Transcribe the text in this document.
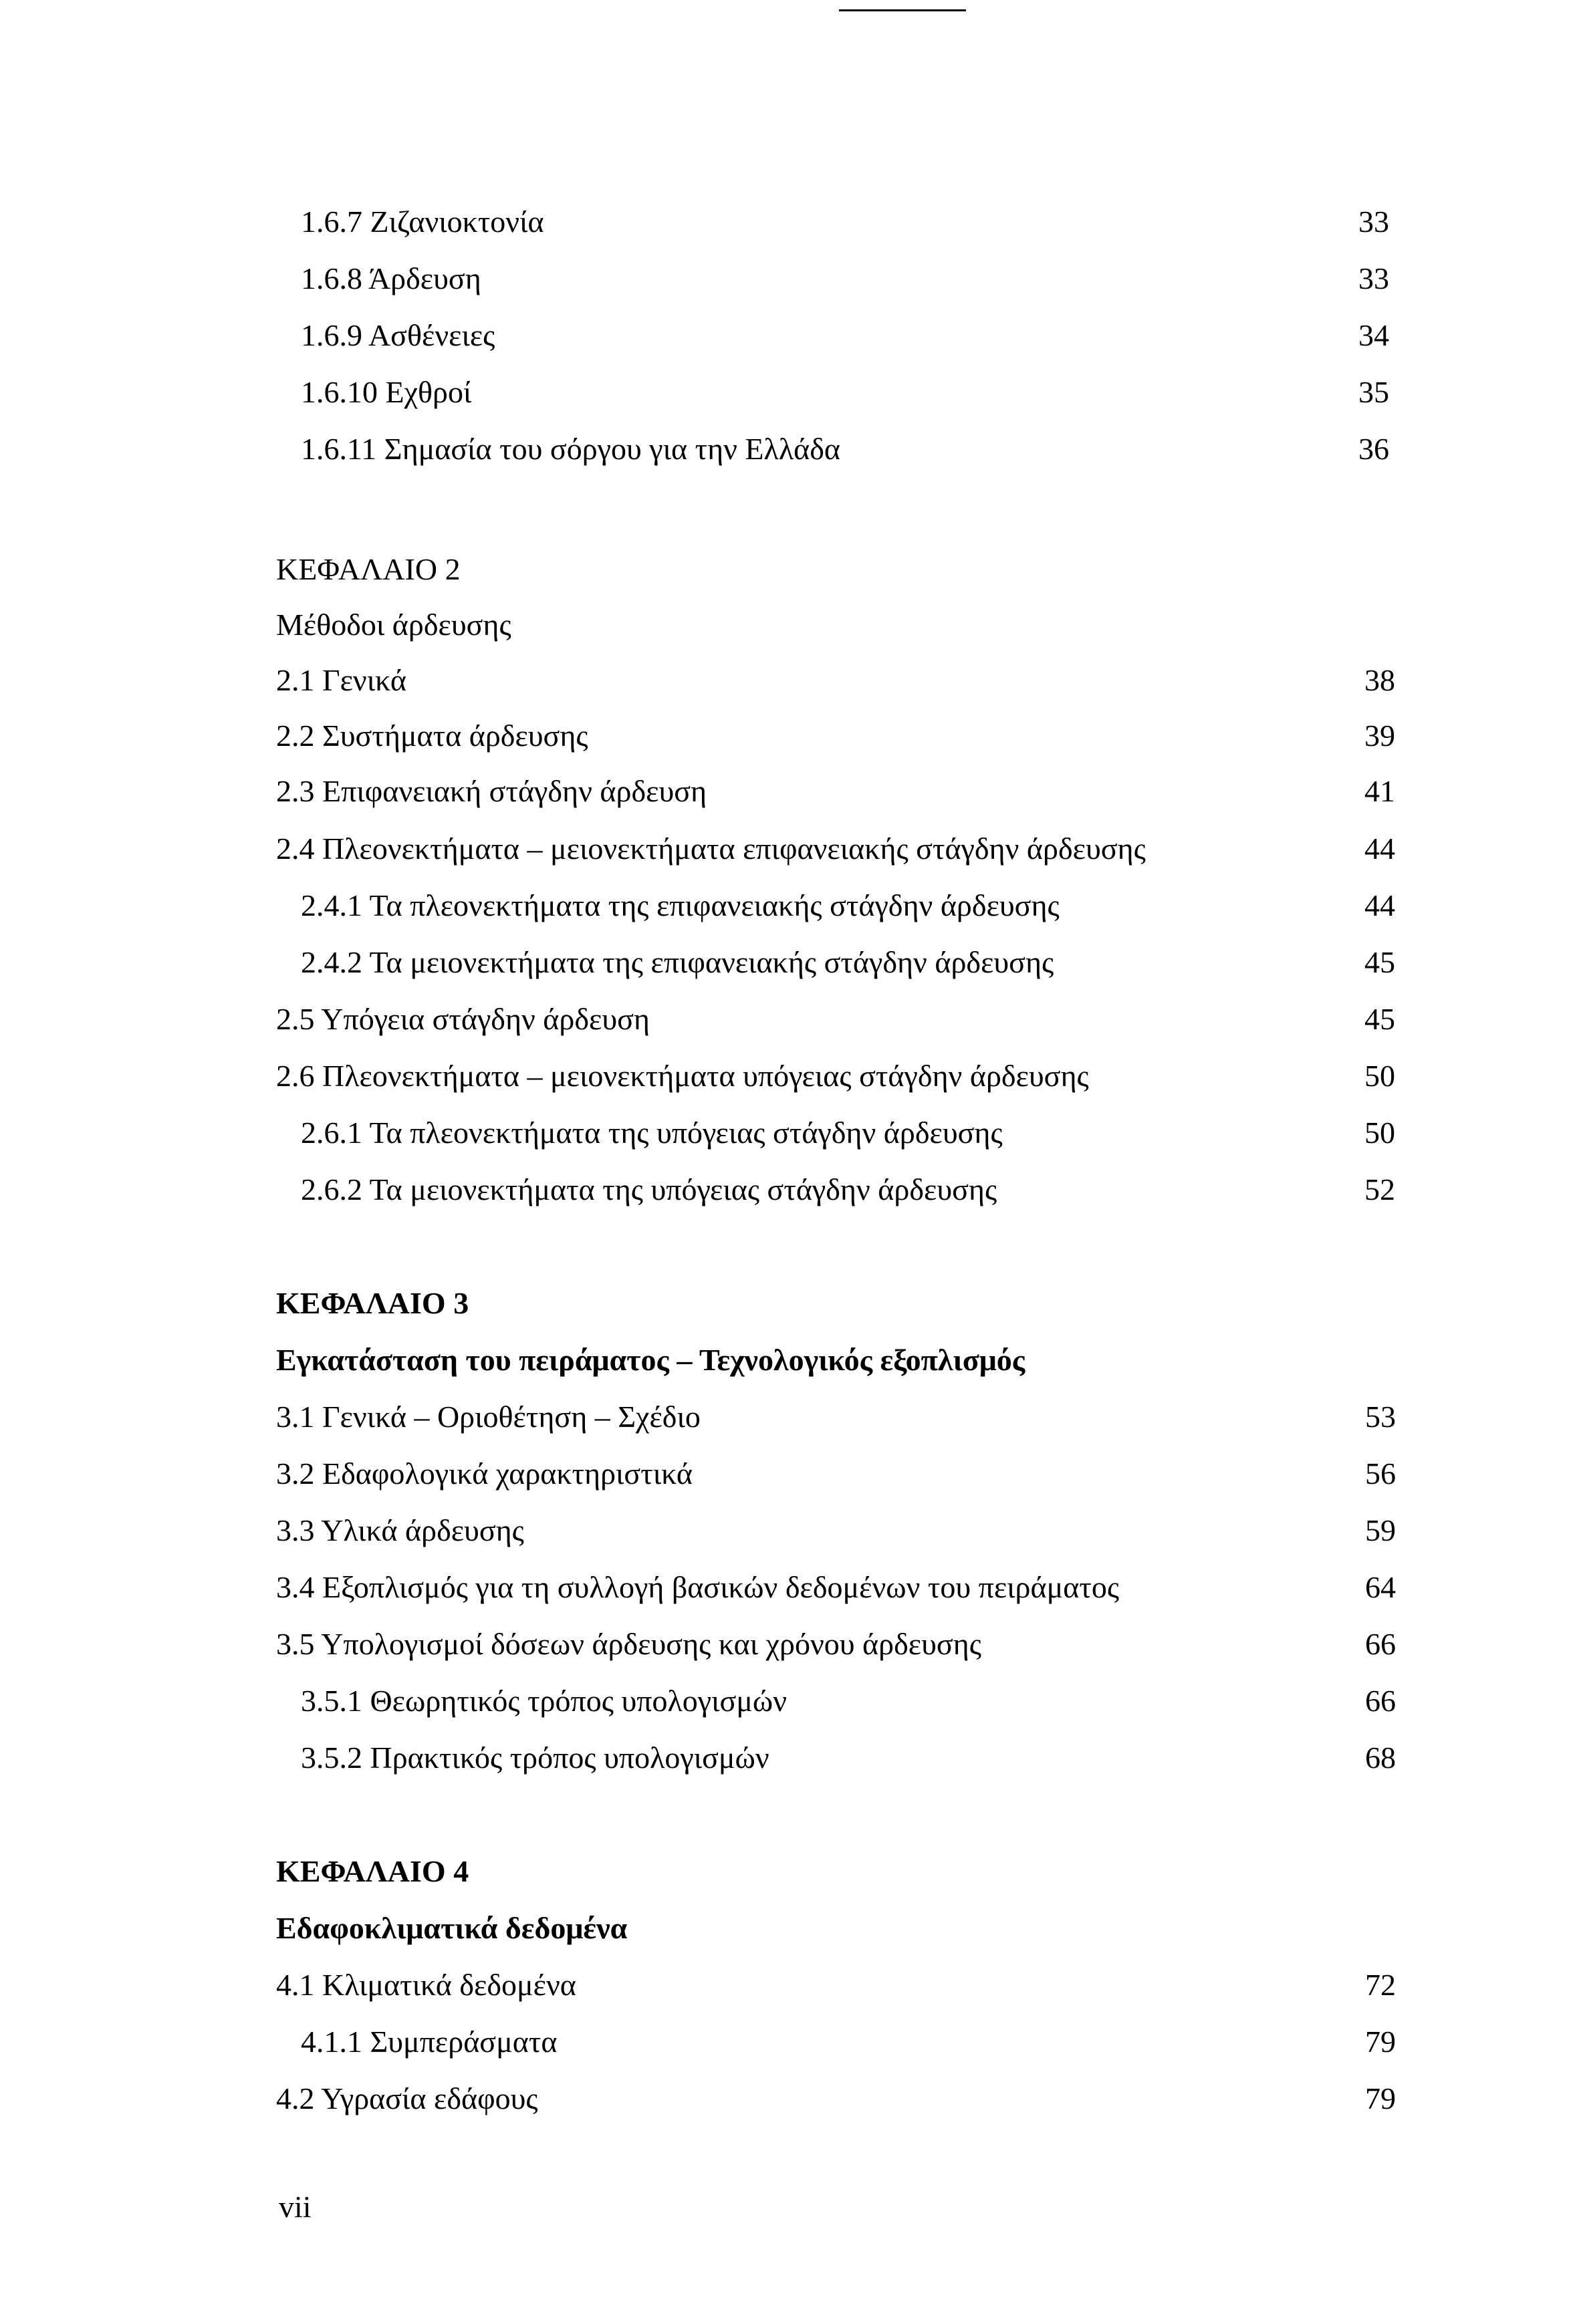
1.6.7 Ζιζανιοκτονία	33
1.6.8 Άρδευση	33
1.6.9 Ασθένειες	34
1.6.10 Εχθροί	35
1.6.11 Σημασία του σόργου για την Ελλάδα	36
ΚΕΦΑΛΑΙΟ 2
Μέθοδοι άρδευσης
2.1 Γενικά	38
2.2 Συστήματα άρδευσης	39
2.3 Επιφανειακή στάγδην άρδευση	41
2.4 Πλεονεκτήματα – μειονεκτήματα επιφανειακής στάγδην άρδευσης	44
2.4.1 Τα πλεονεκτήματα της επιφανειακής στάγδην άρδευσης	44
2.4.2 Τα μειονεκτήματα της επιφανειακής στάγδην άρδευσης	45
2.5 Υπόγεια στάγδην άρδευση	45
2.6 Πλεονεκτήματα – μειονεκτήματα υπόγειας στάγδην άρδευσης	50
2.6.1 Τα πλεονεκτήματα της υπόγειας στάγδην άρδευσης	50
2.6.2 Τα μειονεκτήματα της υπόγειας στάγδην άρδευσης	52
ΚΕΦΑΛΑΙΟ 3
Εγκατάσταση του πειράματος – Τεχνολογικός εξοπλισμός
3.1 Γενικά – Οριοθέτηση – Σχέδιο	53
3.2 Εδαφολογικά χαρακτηριστικά	56
3.3 Υλικά άρδευσης	59
3.4 Εξοπλισμός για τη συλλογή βασικών δεδομένων του πειράματος	64
3.5 Υπολογισμοί δόσεων άρδευσης και χρόνου άρδευσης	66
3.5.1 Θεωρητικός τρόπος υπολογισμών	66
3.5.2 Πρακτικός τρόπος υπολογισμών	68
ΚΕΦΑΛΑΙΟ 4
Εδαφοκλιματικά δεδομένα
4.1 Κλιματικά δεδομένα	72
4.1.1 Συμπεράσματα	79
4.2 Υγρασία εδάφους	79
vii
